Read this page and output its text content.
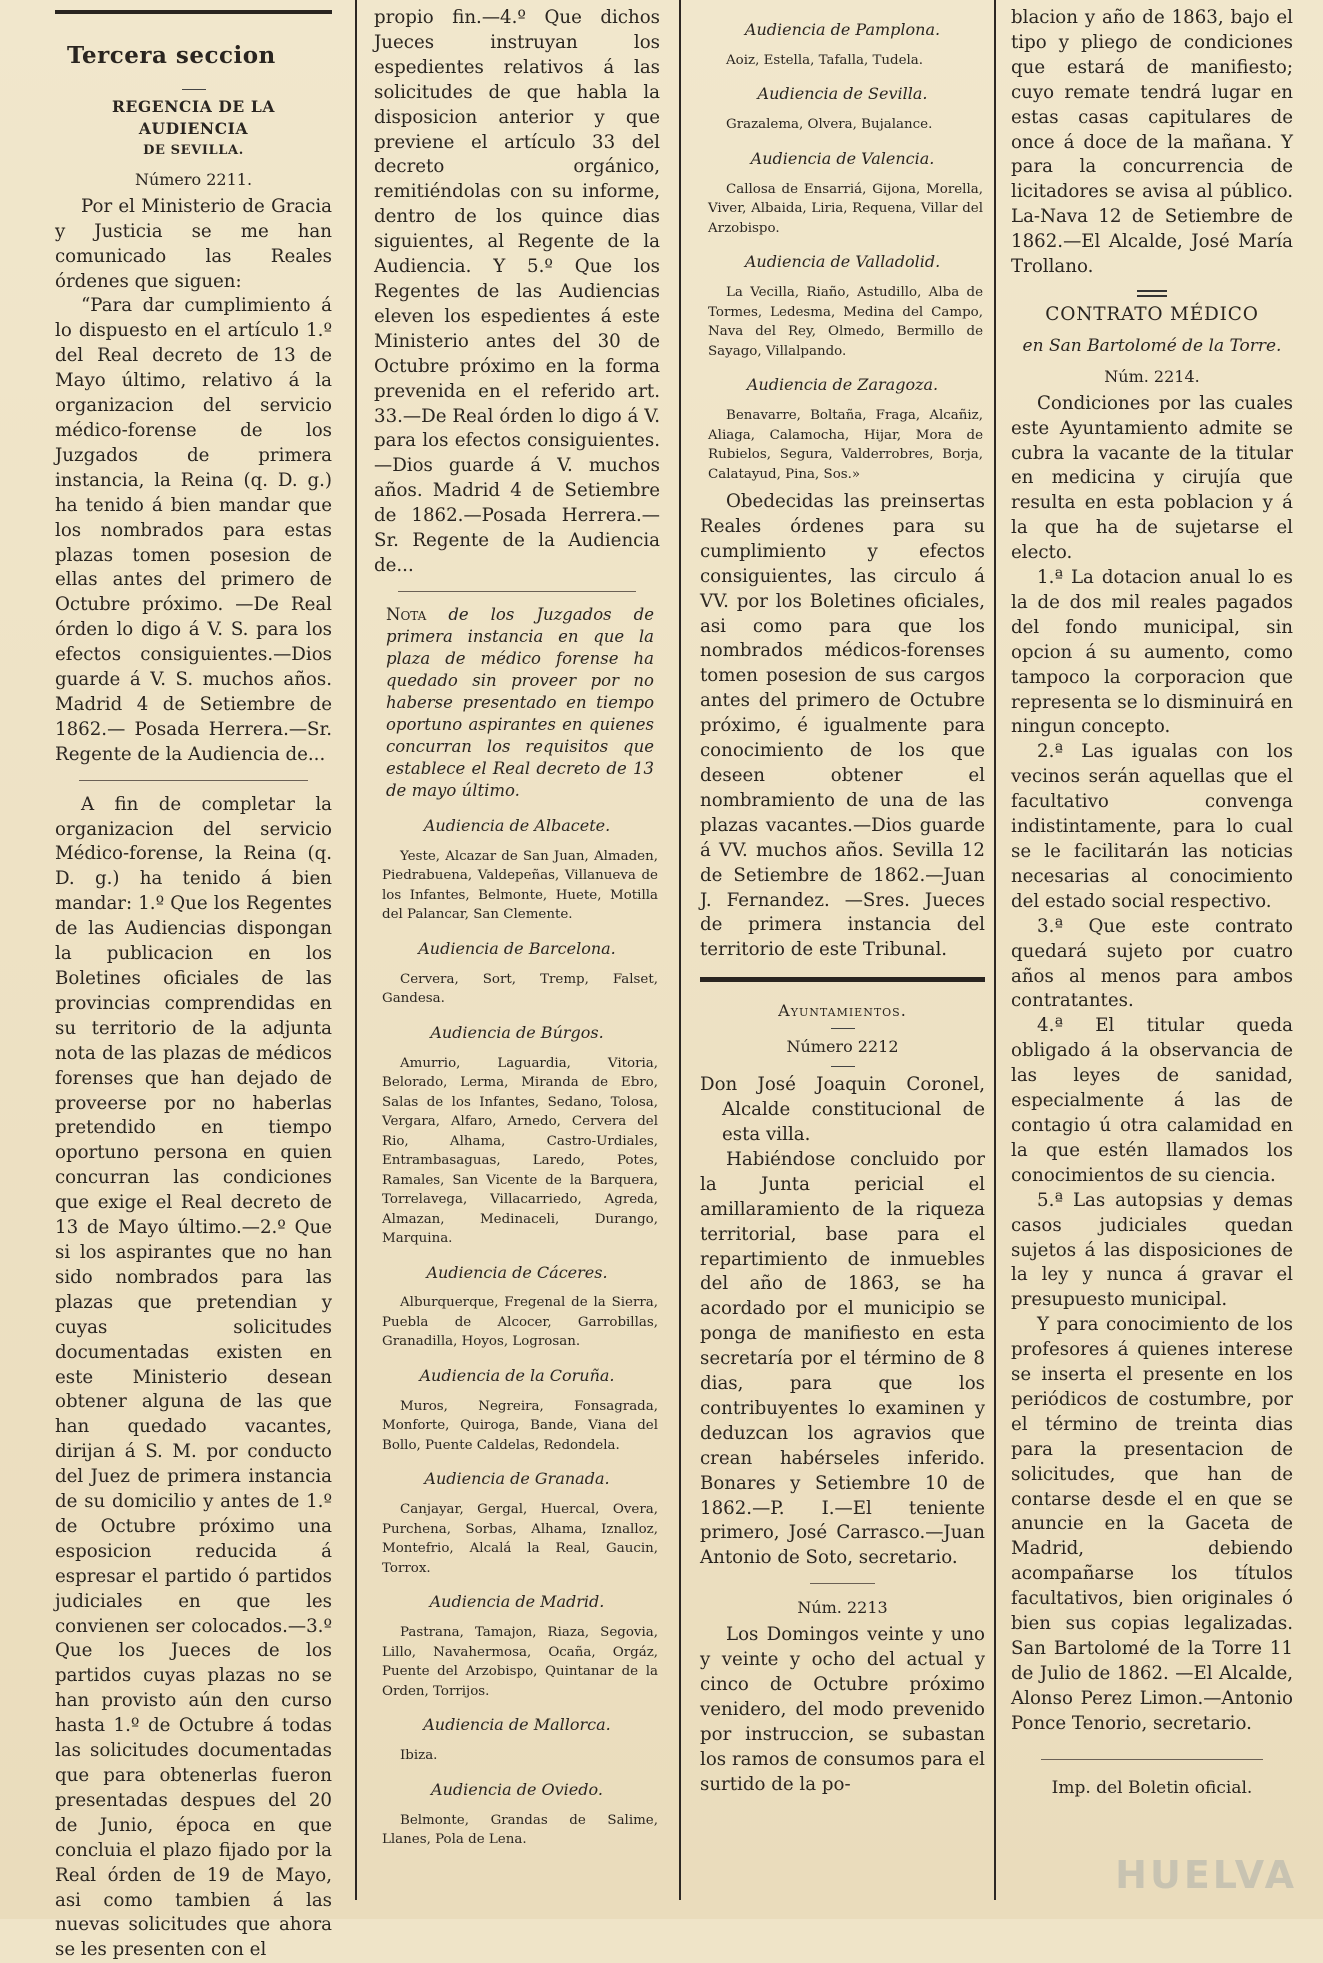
Tercera seccion
REGENCIA DE LA AUDIENCIA
DE SEVILLA.
Número 2211.

Por el Ministerio de Gracia y Justicia se me han comunicado las Reales órdenes que siguen:

“Para dar cumplimiento á lo dispuesto en el artículo 1.º del Real decreto de 13 de Mayo último, relativo á la organizacion del servicio médico-forense de los Juzgados de primera instancia, la Reina (q. D. g.) ha tenido á bien mandar que los nombrados para estas plazas tomen posesion de ellas antes del primero de Octubre próximo. —De Real órden lo digo á V. S. para los efectos consiguientes.—Dios guarde á V. S. muchos años. Madrid 4 de Setiembre de 1862.— Posada Herrera.—Sr. Regente de la Audiencia de...

A fin de completar la organizacion del servicio Médico-forense, la Reina (q. D. g.) ha tenido á bien mandar: 1.º Que los Regentes de las Audiencias dispongan la publicacion en los Boletines oficiales de las provincias comprendidas en su territorio de la adjunta nota de las plazas de médicos forenses que han dejado de proveerse por no haberlas pretendido en tiempo oportuno persona en quien concurran las condiciones que exige el Real decreto de 13 de Mayo último.—2.º Que si los aspirantes que no han sido nombrados para las plazas que pretendian y cuyas solicitudes documentadas existen en este Ministerio desean obtener alguna de las que han quedado vacantes, dirijan á S. M. por conducto del Juez de primera instancia de su domicilio y antes de 1.º de Octubre próximo una esposicion reducida á espresar el partido ó partidos judiciales en que les convienen ser colocados.—3.º Que los Jueces de los partidos cuyas plazas no se han provisto aún den curso hasta 1.º de Octubre á todas las solicitudes documentadas que para obtenerlas fueron presentadas despues del 20 de Junio, época en que concluia el plazo fijado por la Real órden de 19 de Mayo, asi como tambien á las nuevas solicitudes que ahora se les presenten con el

propio fin.—4.º Que dichos Jueces instruyan los espedientes relativos á las solicitudes de que habla la disposicion anterior y que previene el artículo 33 del decreto orgánico, remitiéndolas con su informe, dentro de los quince dias siguientes, al Regente de la Audiencia. Y 5.º Que los Regentes de las Audiencias eleven los espedientes á este Ministerio antes del 30 de Octubre próximo en la forma prevenida en el referido art. 33.—De Real órden lo digo á V. para los efectos consiguientes.—Dios guarde á V. muchos años. Madrid 4 de Setiembre de 1862.—Posada Herrera.—Sr. Regente de la Audiencia de...

Nota de los Juzgados de primera instancia en que la plaza de médico forense ha quedado sin proveer por no haberse presentado en tiempo oportuno aspirantes en quienes concurran los requisitos que establece el Real decreto de 13 de mayo último.
Audiencia de Albacete.
Yeste, Alcazar de San Juan, Almaden, Piedrabuena, Valdepeñas, Villanueva de los Infantes, Belmonte, Huete, Motilla del Palancar, San Clemente.
Audiencia de Barcelona.
Cervera, Sort, Tremp, Falset, Gandesa.
Audiencia de Búrgos.
Amurrio, Laguardia, Vitoria, Belorado, Lerma, Miranda de Ebro, Salas de los Infantes, Sedano, Tolosa, Vergara, Alfaro, Arnedo, Cervera del Rio, Alhama, Castro-Urdiales, Entrambasaguas, Laredo, Potes, Ramales, San Vicente de la Barquera, Torrelavega, Villacarriedo, Agreda, Almazan, Medinaceli, Durango, Marquina.
Audiencia de Cáceres.
Alburquerque, Fregenal de la Sierra, Puebla de Alcocer, Garrobillas, Granadilla, Hoyos, Logrosan.
Audiencia de la Coruña.
Muros, Negreira, Fonsagrada, Monforte, Quiroga, Bande, Viana del Bollo, Puente Caldelas, Redondela.
Audiencia de Granada.
Canjayar, Gergal, Huercal, Overa, Purchena, Sorbas, Alhama, Iznalloz, Montefrio, Alcalá la Real, Gaucin, Torrox.
Audiencia de Madrid.
Pastrana, Tamajon, Riaza, Segovia, Lillo, Navahermosa, Ocaña, Orgáz, Puente del Arzobispo, Quintanar de la Orden, Torrijos.
Audiencia de Mallorca.
Ibiza.
Audiencia de Oviedo.
Belmonte, Grandas de Salime, Llanes, Pola de Lena.
Audiencia de Pamplona.
Aoiz, Estella, Tafalla, Tudela.
Audiencia de Sevilla.
Grazalema, Olvera, Bujalance.
Audiencia de Valencia.
Callosa de Ensarriá, Gijona, Morella, Viver, Albaida, Liria, Requena, Villar del Arzobispo.
Audiencia de Valladolid.
La Vecilla, Riaño, Astudillo, Alba de Tormes, Ledesma, Medina del Campo, Nava del Rey, Olmedo, Bermillo de Sayago, Villalpando.
Audiencia de Zaragoza.
Benavarre, Boltaña, Fraga, Alcañiz, Aliaga, Calamocha, Hijar, Mora de Rubielos, Segura, Valderrobres, Borja, Calatayud, Pina, Sos.»

Obedecidas las preinsertas Reales órdenes para su cumplimiento y efectos consiguientes, las circulo á VV. por los Boletines oficiales, asi como para que los nombrados médicos-forenses tomen posesion de sus cargos antes del primero de Octubre próximo, é igualmente para conocimiento de los que deseen obtener el nombramiento de una de las plazas vacantes.—Dios guarde á VV. muchos años. Sevilla 12 de Setiembre de 1862.—Juan J. Fernandez. —Sres. Jueces de primera instancia del territorio de este Tribunal.

Ayuntamientos.
Número 2212

Don José Joaquin Coronel, Alcalde constitucional de esta villa.

Habiéndose concluido por la Junta pericial el amillaramiento de la riqueza territorial, base para el repartimiento de inmuebles del año de 1863, se ha acordado por el municipio se ponga de manifiesto en esta secretaría por el término de 8 dias, para que los contribuyentes lo examinen y deduzcan los agravios que crean habérseles inferido. Bonares y Setiembre 10 de 1862.—P. I.—El teniente primero, José Carrasco.—Juan Antonio de Soto, secretario.

Núm. 2213

Los Domingos veinte y uno y veinte y ocho del actual y cinco de Octubre próximo venidero, del modo prevenido por instruccion, se subastan los ramos de consumos para el surtido de la po-

blacion y año de 1863, bajo el tipo y pliego de condiciones que estará de manifiesto; cuyo remate tendrá lugar en estas casas capitulares de once á doce de la mañana. Y para la concurrencia de licitadores se avisa al público. La-Nava 12 de Setiembre de 1862.—El Alcalde, José María Trollano.

CONTRATO MÉDICO
en San Bartolomé de la Torre.
Núm. 2214.

Condiciones por las cuales este Ayuntamiento admite se cubra la vacante de la titular en medicina y cirujía que resulta en esta poblacion y á la que ha de sujetarse el electo.

1.ª La dotacion anual lo es la de dos mil reales pagados del fondo municipal, sin opcion á su aumento, como tampoco la corporacion que representa se lo disminuirá en ningun concepto.

2.ª Las igualas con los vecinos serán aquellas que el facultativo convenga indistintamente, para lo cual se le facilitarán las noticias necesarias al conocimiento del estado social respectivo.

3.ª Que este contrato quedará sujeto por cuatro años al menos para ambos contratantes.

4.ª El titular queda obligado á la observancia de las leyes de sanidad, especialmente á las de contagio ú otra calamidad en la que estén llamados los conocimientos de su ciencia.

5.ª Las autopsias y demas casos judiciales quedan sujetos á las disposiciones de la ley y nunca á gravar el presupuesto municipal.

Y para conocimiento de los profesores á quienes interese se inserta el presente en los periódicos de costumbre, por el término de treinta dias para la presentacion de solicitudes, que han de contarse desde el en que se anuncie en la Gaceta de Madrid, debiendo acompañarse los títulos facultativos, bien originales ó bien sus copias legalizadas. San Bartolomé de la Torre 11 de Julio de 1862. —El Alcalde, Alonso Perez Limon.—Antonio Ponce Tenorio, secretario.

Imp. del Boletin oficial.
HUELVA
